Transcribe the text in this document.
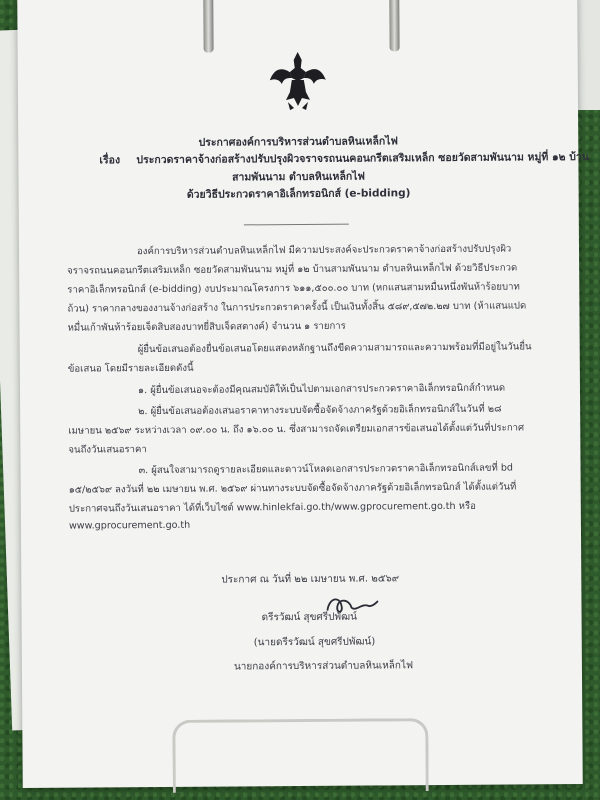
ประกาศองค์การบริหารส่วนตำบลหินเหล็กไฟ
เรื่อง ประกวดราคาจ้างก่อสร้างปรับปรุงผิวจราจรถนนคอนกรีตเสริมเหล็ก ซอยวัดสามพันนาม หมู่ที่ ๑๒ บ้าน
สามพันนาม ตำบลหินเหล็กไฟ
ด้วยวิธีประกวดราคาอิเล็กทรอนิกส์ (e-bidding)
องค์การบริหารส่วนตำบลหินเหล็กไฟ มีความประสงค์จะประกวดราคาจ้างก่อสร้างปรับปรุงผิว
จราจรถนนคอนกรีตเสริมเหล็ก ซอยวัดสามพันนาม หมู่ที่ ๑๒ บ้านสามพันนาม ตำบลหินเหล็กไฟ ด้วยวิธีประกวด
ราคาอิเล็กทรอนิกส์ (e-bidding) งบประมาณโครงการ ๖๑๑,๕๐๐.๐๐ บาท (หกแสนสามหมื่นหนึ่งพันห้าร้อยบาท
ถ้วน) ราคากลางของงานจ้างก่อสร้าง ในการประกวดราคาครั้งนี้ เป็นเงินทั้งสิ้น ๕๘๙,๕๗๒.๒๗ บาท (ห้าแสนแปด
หมื่นเก้าพันห้าร้อยเจ็ดสิบสองบาทยี่สิบเจ็ดสตางค์) จำนวน ๑ รายการ
ผู้ยื่นข้อเสนอต้องยื่นข้อเสนอโดยแสดงหลักฐานถึงขีดความสามารถและความพร้อมที่มีอยู่ในวันยื่น
ข้อเสนอ โดยมีรายละเอียดดังนี้
๑. ผู้ยื่นข้อเสนอจะต้องมีคุณสมบัติให้เป็นไปตามเอกสารประกวดราคาอิเล็กทรอนิกส์กำหนด
๒. ผู้ยื่นข้อเสนอต้องเสนอราคาทางระบบจัดซื้อจัดจ้างภาครัฐด้วยอิเล็กทรอนิกส์ในวันที่ ๒๘
เมษายน ๒๕๖๙ ระหว่างเวลา ๐๙.๐๐ น. ถึง ๑๖.๐๐ น. ซึ่งสามารถจัดเตรียมเอกสารข้อเสนอได้ตั้งแต่วันที่ประกาศ
จนถึงวันเสนอราคา
๓. ผู้สนใจสามารถดูรายละเอียดและดาวน์โหลดเอกสารประกวดราคาอิเล็กทรอนิกส์เลขที่ bd
๑๕/๒๕๖๙ ลงวันที่ ๒๒ เมษายน พ.ศ. ๒๕๖๙ ผ่านทางระบบจัดซื้อจัดจ้างภาครัฐด้วยอิเล็กทรอนิกส์ ได้ตั้งแต่วันที่
ประกาศจนถึงวันเสนอราคา ได้ที่เว็บไซต์ www.hinlekfai.go.th/www.gprocurement.go.th หรือ
www.gprocurement.go.th
ประกาศ ณ วันที่ ๒๒ เมษายน พ.ศ. ๒๕๖๙
ดรีรวัฒน์ สุขศรีปพัฒน์
(นายดรีรวัฒน์ สุขศรีปพัฒน์)
นายกองค์การบริหารส่วนตำบลหินเหล็กไฟ
